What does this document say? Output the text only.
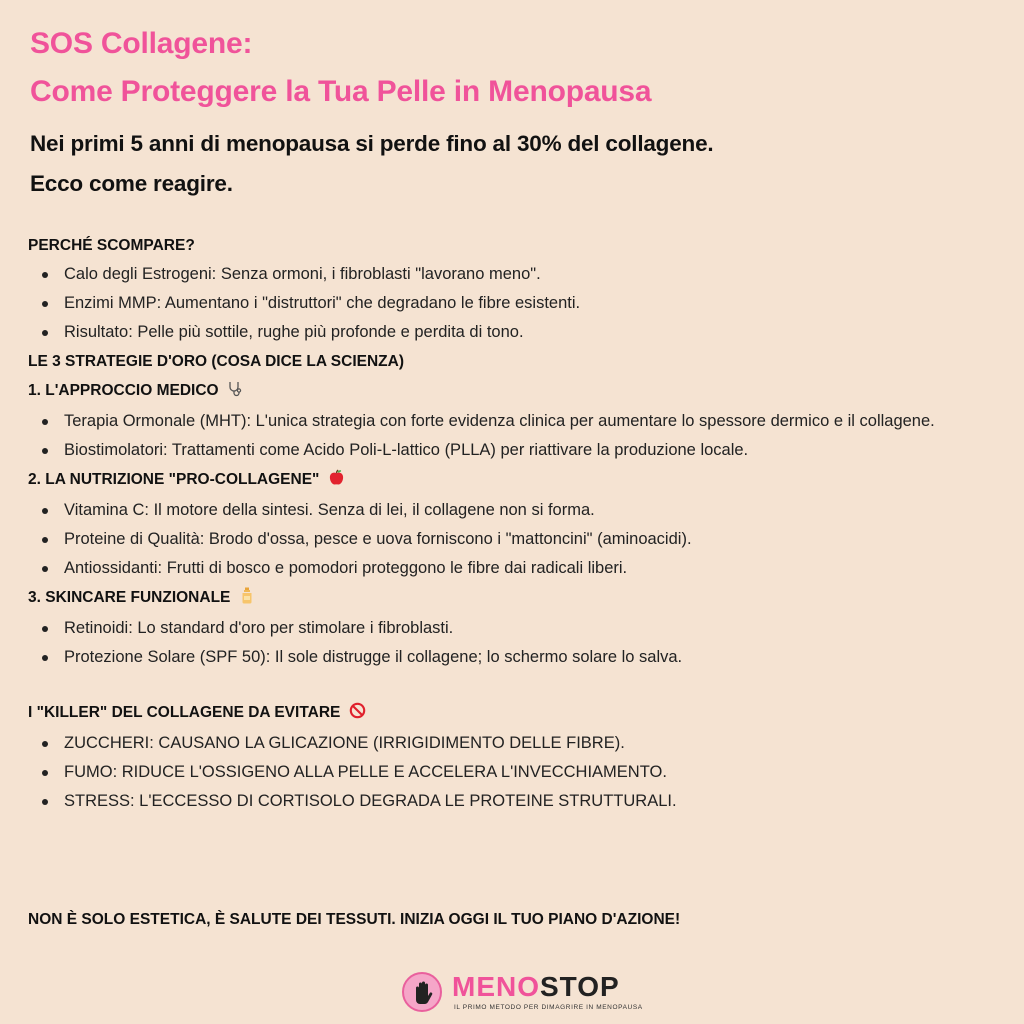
SOS Collagene:
Come Proteggere la Tua Pelle in Menopausa
Nei primi 5 anni di menopausa si perde fino al 30% del collagene.
Ecco come reagire.
PERCHÉ SCOMPARE?
Calo degli Estrogeni: Senza ormoni, i fibroblasti "lavorano meno".
Enzimi MMP: Aumentano i "distruttori" che degradano le fibre esistenti.
Risultato: Pelle più sottile, rughe più profonde e perdita di tono.
LE 3 STRATEGIE D'ORO (COSA DICE LA SCIENZA)
1. L'APPROCCIO MEDICO
Terapia Ormonale (MHT): L'unica strategia con forte evidenza clinica per aumentare lo spessore dermico e il collagene.
Biostimolatori: Trattamenti come Acido Poli-L-lattico (PLLA) per riattivare la produzione locale.
2. LA NUTRIZIONE "PRO-COLLAGENE"
Vitamina C: Il motore della sintesi. Senza di lei, il collagene non si forma.
Proteine di Qualità: Brodo d'ossa, pesce e uova forniscono i "mattoncini" (aminoacidi).
Antiossidanti: Frutti di bosco e pomodori proteggono le fibre dai radicali liberi.
3. SKINCARE FUNZIONALE
Retinoidi: Lo standard d'oro per stimolare i fibroblasti.
Protezione Solare (SPF 50): Il sole distrugge il collagene; lo schermo solare lo salva.
I "KILLER" DEL COLLAGENE DA EVITARE
ZUCCHERI: CAUSANO LA GLICAZIONE (IRRIGIDIMENTO DELLE FIBRE).
FUMO: RIDUCE L'OSSIGENO ALLA PELLE E ACCELERA L'INVECCHIAMENTO.
STRESS: L'ECCESSO DI CORTISOLO DEGRADA LE PROTEINE STRUTTURALI.
NON È SOLO ESTETICA, È SALUTE DEI TESSUTI. INIZIA OGGI IL TUO PIANO D'AZIONE!
MENOSTOP
IL PRIMO METODO PER DIMAGRIRE IN MENOPAUSA
